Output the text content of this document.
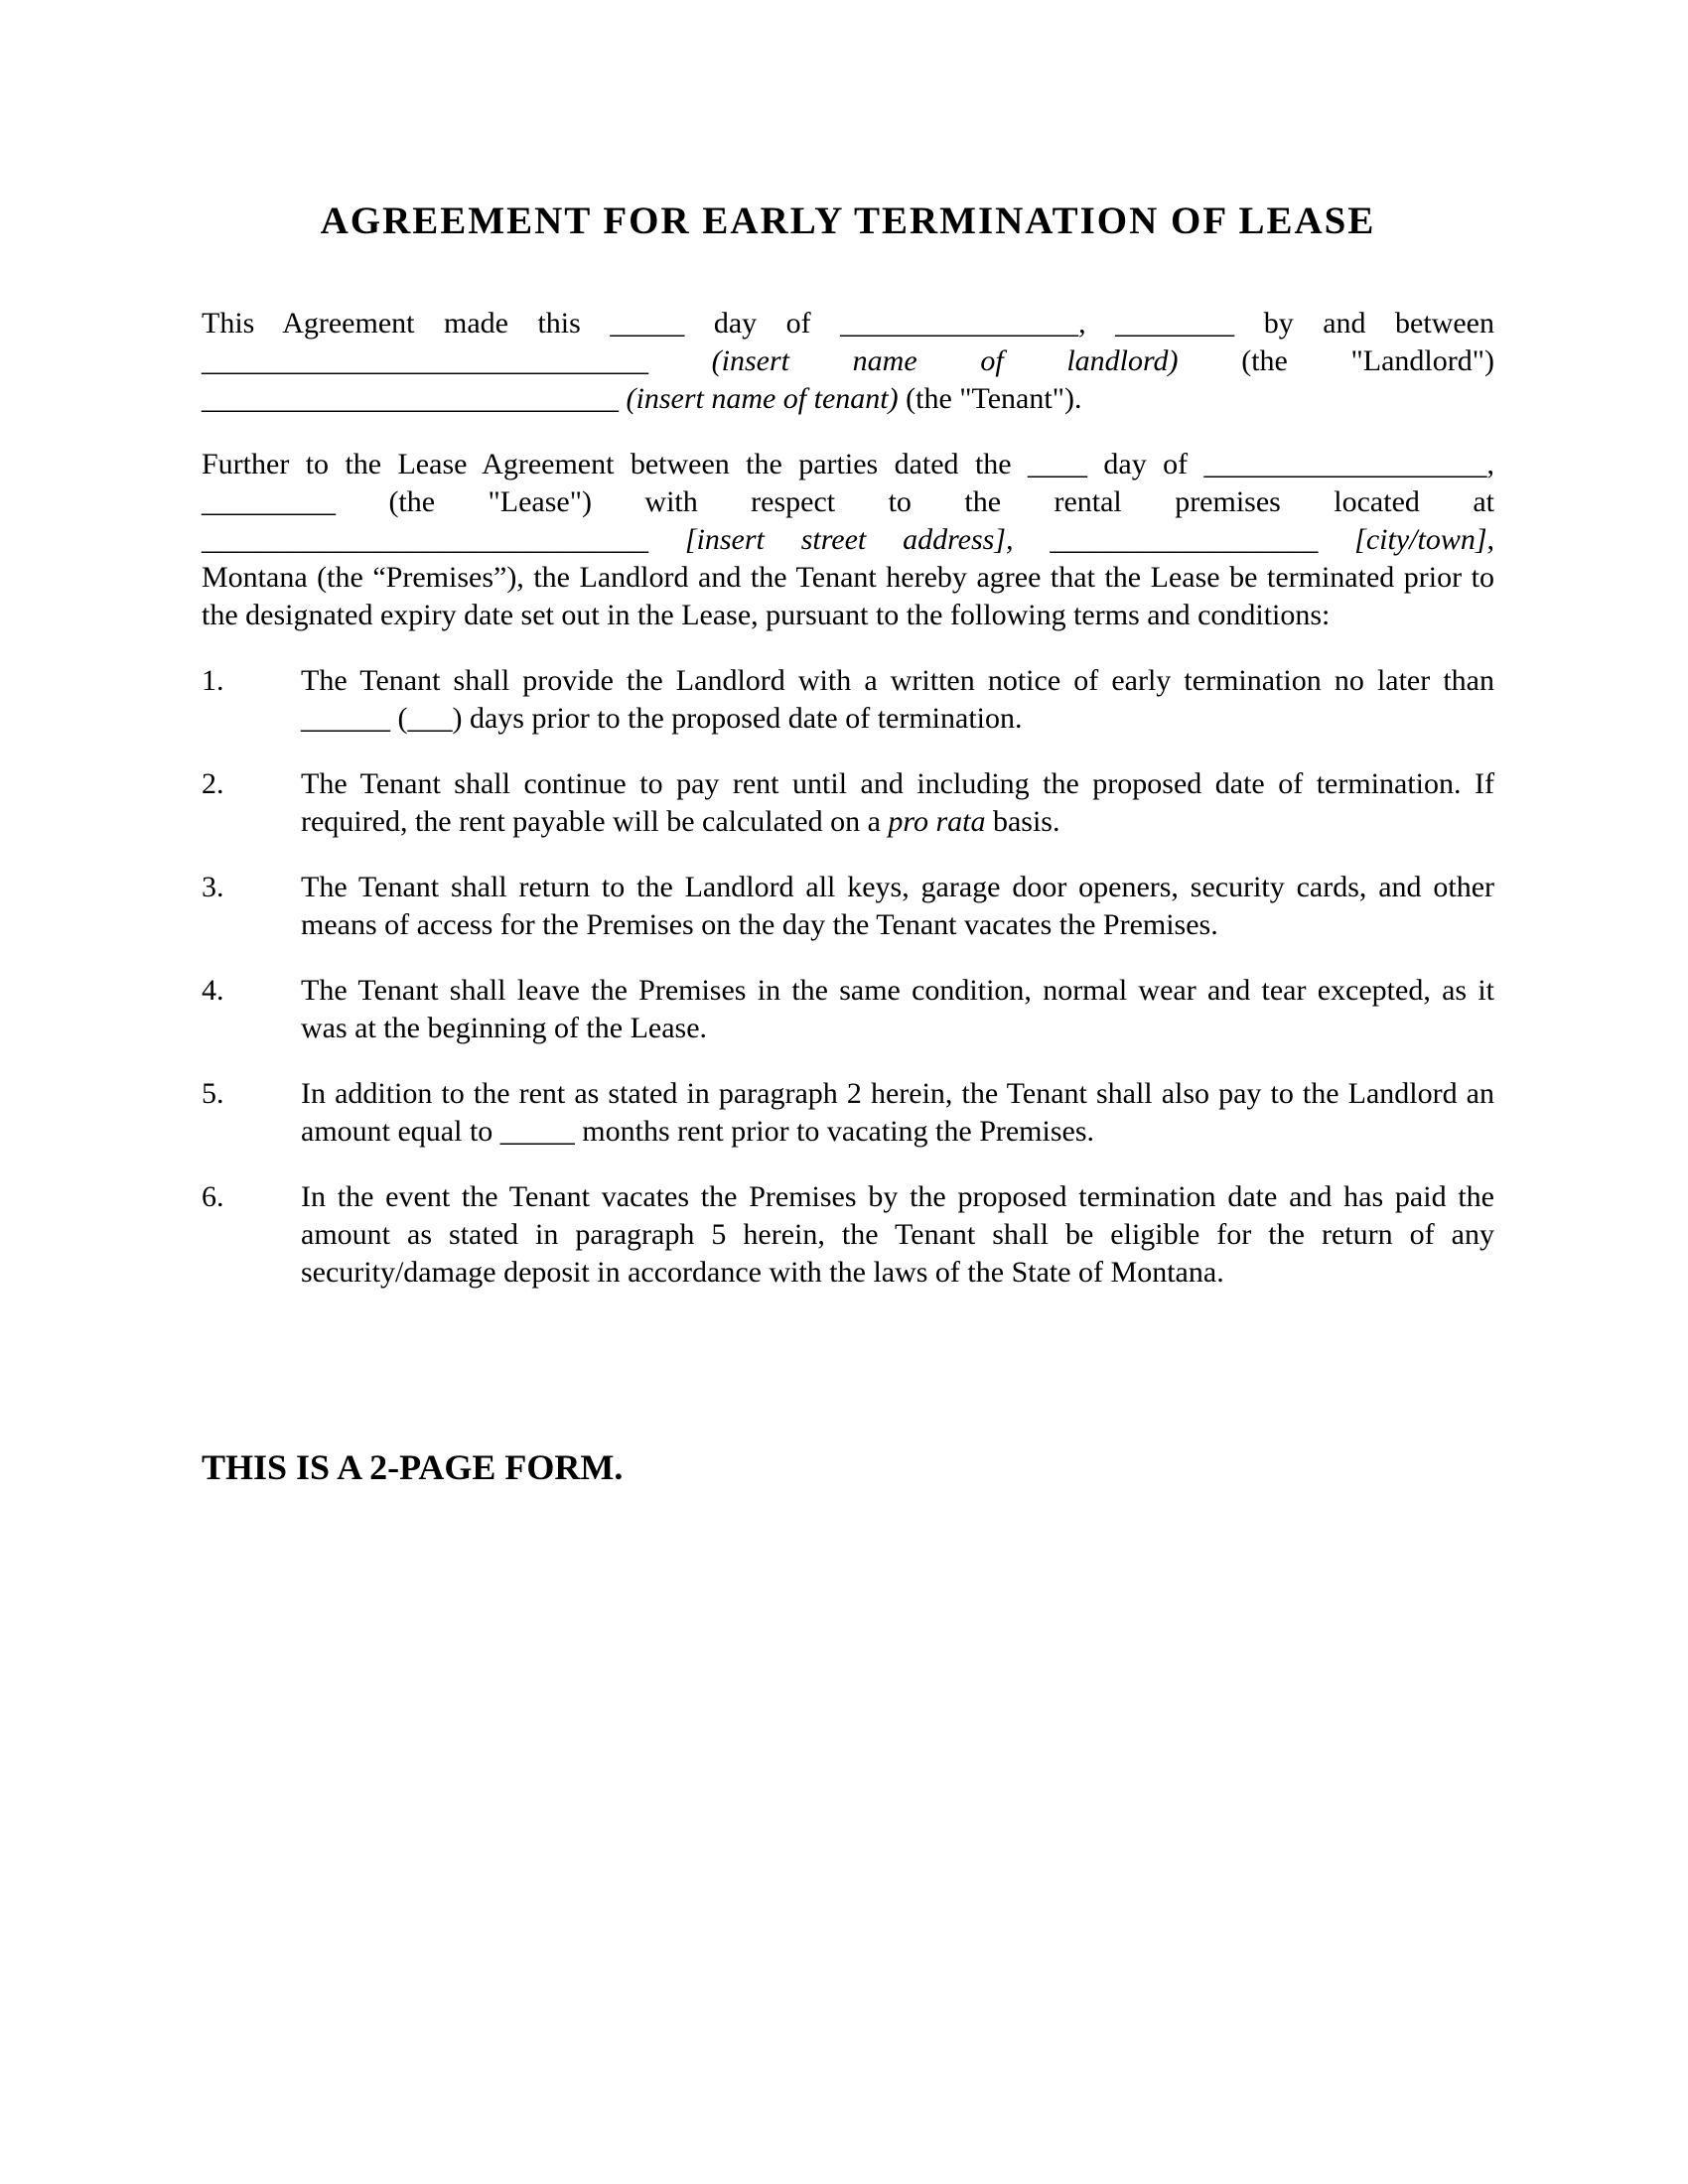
AGREEMENT FOR EARLY TERMINATION OF LEASE
This Agreement made this _____ day of ________________, ________ by and between
______________________________ (insert name of landlord) (the "Landlord")
____________________________ (insert name of tenant) (the "Tenant").
Further to the Lease Agreement between the parties dated the ____ day of ___________________,
_________ (the "Lease") with respect to the rental premises located at
______________________________ [insert street address], __________________ [city/town],
Montana (the “Premises”), the Landlord and the Tenant hereby agree that the Lease be terminated prior to
the designated expiry date set out in the Lease, pursuant to the following terms and conditions:
1.	The Tenant shall provide the Landlord with a written notice of early termination no later than
______ (___) days prior to the proposed date of termination.
2.	The Tenant shall continue to pay rent until and including the proposed date of termination. If
required, the rent payable will be calculated on a pro rata basis.
3.	The Tenant shall return to the Landlord all keys, garage door openers, security cards, and other
means of access for the Premises on the day the Tenant vacates the Premises.
4.	The Tenant shall leave the Premises in the same condition, normal wear and tear excepted, as it
was at the beginning of the Lease.
5.	In addition to the rent as stated in paragraph 2 herein, the Tenant shall also pay to the Landlord an
amount equal to _____ months rent prior to vacating the Premises.
6.	In the event the Tenant vacates the Premises by the proposed termination date and has paid the
amount as stated in paragraph 5 herein, the Tenant shall be eligible for the return of any
security/damage deposit in accordance with the laws of the State of Montana.
THIS IS A 2-PAGE FORM.
